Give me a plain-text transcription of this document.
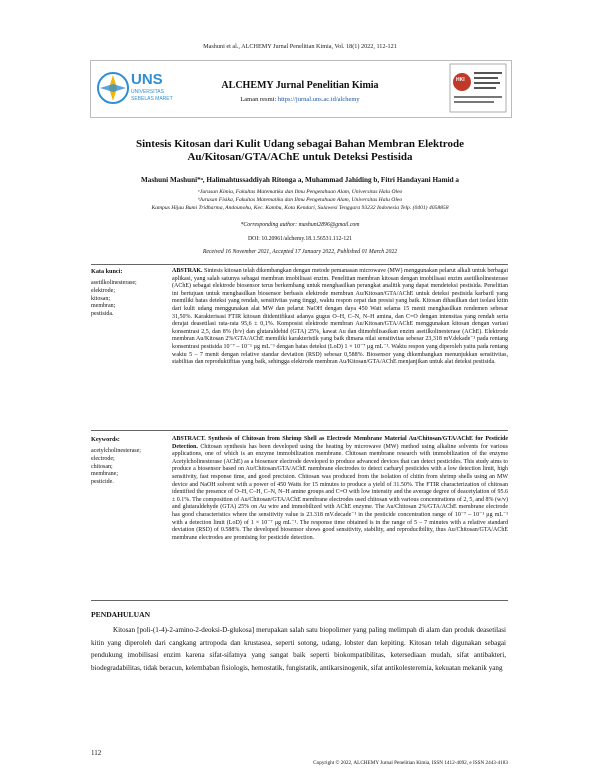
Mashuni et al., ALCHEMY Jurnal Penelitian Kimia, Vol. 18(1) 2022, 112-121
UNS
UNIVERSITAS
SEBELAS MARET
ALCHEMY Jurnal Penelitian Kimia
Laman resmi: https://jurnal.uns.ac.id/alchemy
HKI
Sintesis Kitosan dari Kulit Udang sebagai Bahan Membran Elektrode
Au/Kitosan/GTA/AChE untuk Deteksi Pestisida
Mashuni Mashuni*ᵃ, Halimahtussaddiyah Ritonga a, Muhammad Jahiding b, Fitri Handayani Hamid a
ᵃJurusan Kimia, Fakultas Matematika dan Ilmu Pengetahuan Alam, Universitas Halu Oleo
ᵇJurusan Fisika, Fakultas Matematika dan Ilmu Pengetahuan Alam, Universitas Halu Oleo
Kampus Hijau Bumi Tridharma, Andounohu, Kec. Kambu, Kota Kendari, Sulawesi Tenggara 93232 Indonesia Telp. (0401) 4058858
*Corresponding author: mashuni2896@gmail.com
DOI: 10.20961/alchemy.18.1.56531.112-121
Received 16 November 2021, Accepted 17 January 2022, Published 01 March 2022
Kata kunci:
asetilkolinesterase;
elektrode;
kitosan;
membran;
pestisida.
ABSTRAK. Sintesis kitosan telah dikembangkan dengan metode pemanasan microwave (MW) menggunakan pelarut alkali untuk berbagai aplikasi, yang salah satunya sebagai membran imobilisasi enzim. Penelitian membran kitosan dengan imobilisasi enzim asetilkolinesterase (AChE) sebagai elektrode biosensor terus berkembang untuk menghasilkan perangkat analitik yang dapat mendeteksi pestisida. Penelitian ini bertujuan untuk menghasilkan biosensor berbasis elektrode membran Au/Kitosan/GTA/AChE untuk deteksi pestisida karbaril yang memiliki batas deteksi yang rendah, sensitivitas yang tinggi, waktu respon cepat dan presisi yang baik. Kitosan dihasilkan dari isolasi kitin dari kulit udang menggunakan alat MW dan pelarut NaOH dengan daya 450 Watt selama 15 menit menghasilkan rendemen sebesar 31,50%. Karakterisasi FTIR kitosan diidentifikasi adanya gugus O–H, C–N, N–H amina, dan C=O dengan intensitas yang rendah serta derajat deasetilasi rata-rata 95,6 ± 0,1%. Komposisi elektrode membran Au/Kitosan/GTA/AChE menggunakan kitosan dengan variasi konsentrasi 2,5, dan 8% (b/v) dan glutaraldehid (GTA) 25%, kawat Au dan diimobilisasikan enzim asetilkolinesterase (AChE). Elektrode membran Au/Kitosan 2%/GTA/AChE memiliki karakteristik yang baik dimana nilai sensitivitas sebesar 23,318 mV.dekade⁻¹ pada rentang konsentrasi pestisida 10⁻⁷ – 10⁻¹ µg mL⁻¹ dengan batas deteksi (LoD) 1 × 10⁻⁷ µg mL⁻¹. Waktu respon yang diperoleh yaitu pada rentang waktu 5 – 7 menit dengan relative standar deviation (RSD) sebesar 0,588%. Biosensor yang dikembangkan menunjukkan sensitivitas, stabilitas dan reproduktifitas yang baik, sehingga elektrode membran Au/Kitosan/GTA/AChE menjanjikan untuk alat deteksi pestisida.
Keywords:
acetylcholinesterase;
electrode;
chitosan;
membrane;
pesticide.
ABSTRACT. Synthesis of Chitosan from Shrimp Shell as Electrode Membrane Material Au/Chitosan/GTA/AChE for Pesticide Detection. Chitosan synthesis has been developed using the heating by microwave (MW) method using alkaline solvents for various applications, one of which is an enzyme immobilization membrane. Chitosan membrane research with immobilization of the enzyme Acetylcholinesterase (AChE) as a biosensor electrode developed to produce advanced devices that can detect pesticides. This study aims to produce a biosensor based on Au/Chitosan/GTA/AChE membrane electrodes to detect carbaryl pesticides with a low detection limit, high sensitivity, fast response time, and good precision. Chitosan was produced from the isolation of chitin from shrimp shells using an MW device and NaOH solvent with a power of 450 Watts for 15 minutes to produce a yield of 31.50%. The FTIR characterization of chitosan identified the presence of O–H, C–H, C–N, N–H amine groups and C=O with low intensity and the average degree of deacetylation of 95.6 ± 0.1%. The composition of Au/Chitosan/GTA/AChE membrane electrodes used chitosan with various concentrations of 2, 5, and 8% (w/v) and glutaraldehyde (GTA) 25% on Au wire and immobilized with AChE enzyme. The Au/Chitosan 2%/GTA/AChE membrane electrode has good characteristics where the sensitivity value is 23.318 mV.decade⁻¹ in the pesticide concentration range of 10⁻⁷ – 10⁻¹ µg mL⁻¹ with a detection limit (LoD) of 1 × 10⁻⁷ µg mL⁻¹. The response time obtained is in the range of 5 – 7 minutes with a relative standard deviation (RSD) of 0.588%. The developed biosensor shows good sensitivity, stability, and reproducibility, thus Au/Chitosan/GTA/AChE membrane electrodes are promising for pesticide detection.
PENDAHULUAN
Kitosan [poli-(1-4)-2-amino-2-deoksi-D-glukosa] merupakan salah satu biopolimer yang paling melimpah di alam dan produk deasetilasi kitin yang diperoleh dari cangkang artropoda dan krustasea, seperti sotong, udang, lobster dan kepiting. Kitosan telah digunakan sebagai pendukung imobilisasi enzim karena sifat-sifatnya yang sangat baik seperti biokompatibilitas, ketersediaan mudah, sifat antibakteri, biodegradabilitas, tidak beracun, kelembaban fisiologis, hemostatik, fungistatik, antikarsinogenik, sifat antikolesteremia, kekuatan mekanik yang
112
Copyright © 2022, ALCHEMY Jurnal Penelitian Kimia, ISSN 1412-4092, e ISSN 2443-4183
